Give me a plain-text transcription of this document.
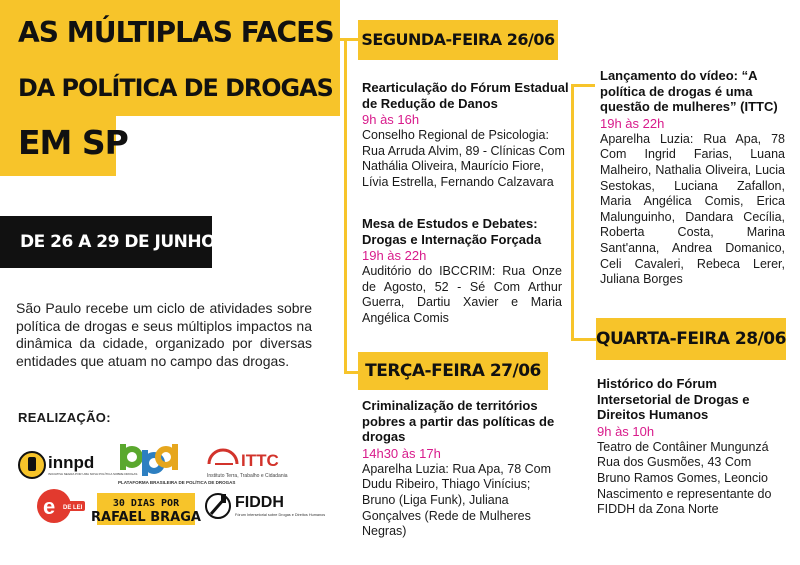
AS MÚLTIPLAS FACES
DA POLÍTICA DE DROGAS
EM SP
DE 26 A 29 DE JUNHO

São Paulo recebe um ciclo de atividades sobre política de drogas e seus múltiplos impactos na dinâmica da cidade, organizado por diversas entidades que atuam no campo das drogas.

REALIZAÇÃO:
SEGUNDA-FEIRA 26/06
TERÇA-FEIRA 27/06
QUARTA-FEIRA 28/06
Rearticulação do Fórum Estadual de Redução de Danos
9h às 16h
Conselho Regional de Psicologia: Rua Arruda Alvim, 89 - Clínicas Com Nathália Oliveira, Maurício Fiore, Lívia Estrella, Fernando Calzavara
Mesa de Estudos e Debates: Drogas e Internação Forçada
19h às 22h
Auditório do IBCCRIM: Rua Onze de Agosto, 52 - Sé Com Arthur Guerra, Dartiu Xavier e Maria Angélica Comis
Lançamento do vídeo: “A política de drogas é uma questão de mulheres” (ITTC)
19h às 22h
Aparelha Luzia: Rua Apa, 78 Com Ingrid Farias, Luana Malheiro, Nathalia Oliveira, Lucia Sestokas, Luciana Zafallon, Maria Angélica Comis, Erica Malunguinho, Dandara Cecília, Roberta Costa, Marina Sant'anna, Andrea Domanico, Celi Cavaleri, Rebeca Lerer, Juliana Borges
Criminalização de territórios pobres a partir das políticas de drogas
14h30 às 17h
Aparelha Luzia: Rua Apa, 78 Com Dudu Ribeiro, Thiago Vinícius; Bruno (Liga Funk), Juliana Gonçalves (Rede de Mulheres Negras)
Histórico do Fórum Intersetorial de Drogas e Direitos Humanos
9h às 10h
Teatro de Contâiner Mungunzá Rua dos Gusmões, 43 Com Bruno Ramos Gomes, Leoncio Nascimento e representante do FIDDH da Zona Norte
innpd
INICIATIVA NEGRA POR UMA NOVA POLÍTICA SOBRE DROGAS
PLATAFORMA BRASILEIRA DE POLÍTICA DE DROGAS
ITTC
Instituto Terra, Trabalho e Cidadania
e DE LEI	30 DIAS POR
RAFAEL BRAGA
FIDDH
Fórum Intersetorial sobre Drogas e Direitos Humanos
